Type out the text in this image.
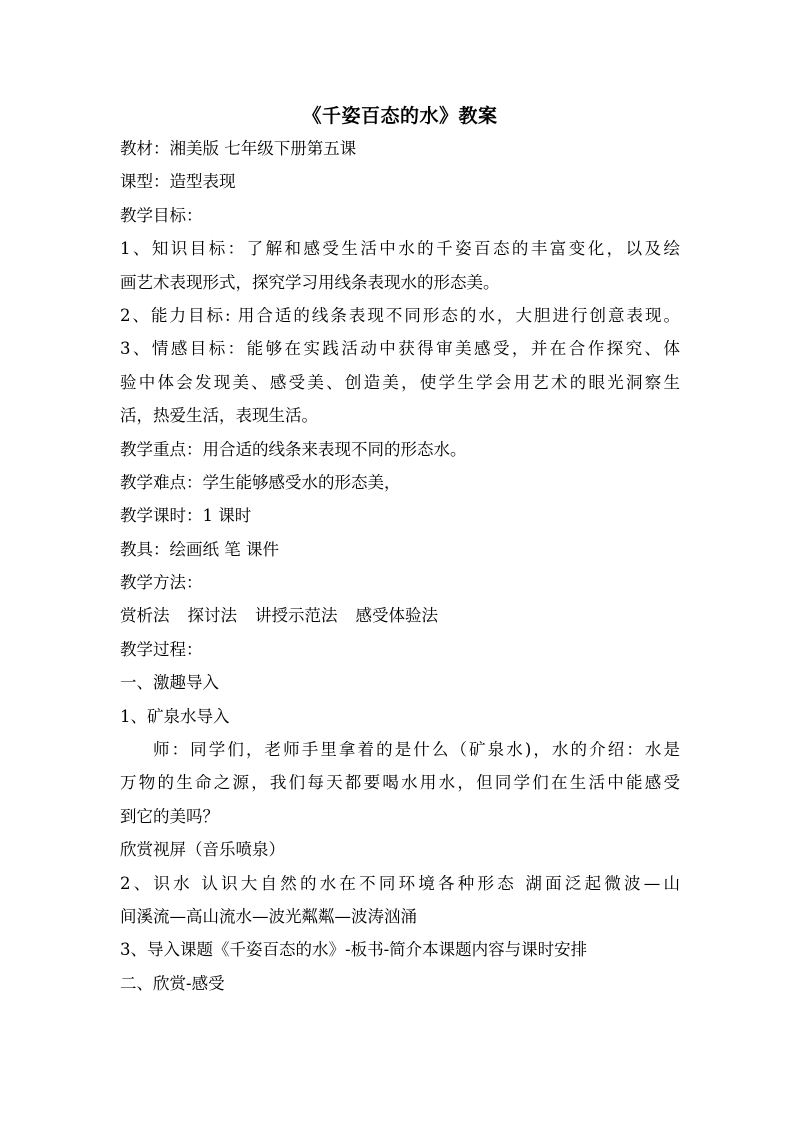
《千姿百态的水》教案
教材：湘美版 七年级下册第五课
课型：造型表现
教学目标：
1、知识目标：了解和感受生活中水的千姿百态的丰富变化，以及绘
画艺术表现形式，探究学习用线条表现水的形态美。
2、能力目标: 用合适的线条表现不同形态的水，大胆进行创意表现。
3、情感目标：能够在实践活动中获得审美感受，并在合作探究、体
验中体会发现美、感受美、创造美，使学生学会用艺术的眼光洞察生
活，热爱生活，表现生活。
教学重点：用合适的线条来表现不同的形态水。
教学难点：学生能够感受水的形态美，
教学课时：1 课时
教具：绘画纸 笔 课件
教学方法：
赏析法 探讨法 讲授示范法 感受体验法
教学过程：
一、激趣导入
1、矿泉水导入
师：同学们，老师手里拿着的是什么（矿泉水)，水的介绍：水是
万物的生命之源，我们每天都要喝水用水，但同学们在生活中能感受
到它的美吗？
欣赏视屏（音乐喷泉）
2、识水 认识大自然的水在不同环境各种形态 湖面泛起微波—山
间溪流—高山流水—波光粼粼—波涛汹涌
3、导入课题《千姿百态的水》-板书-简介本课题内容与课时安排
二、欣赏-感受
